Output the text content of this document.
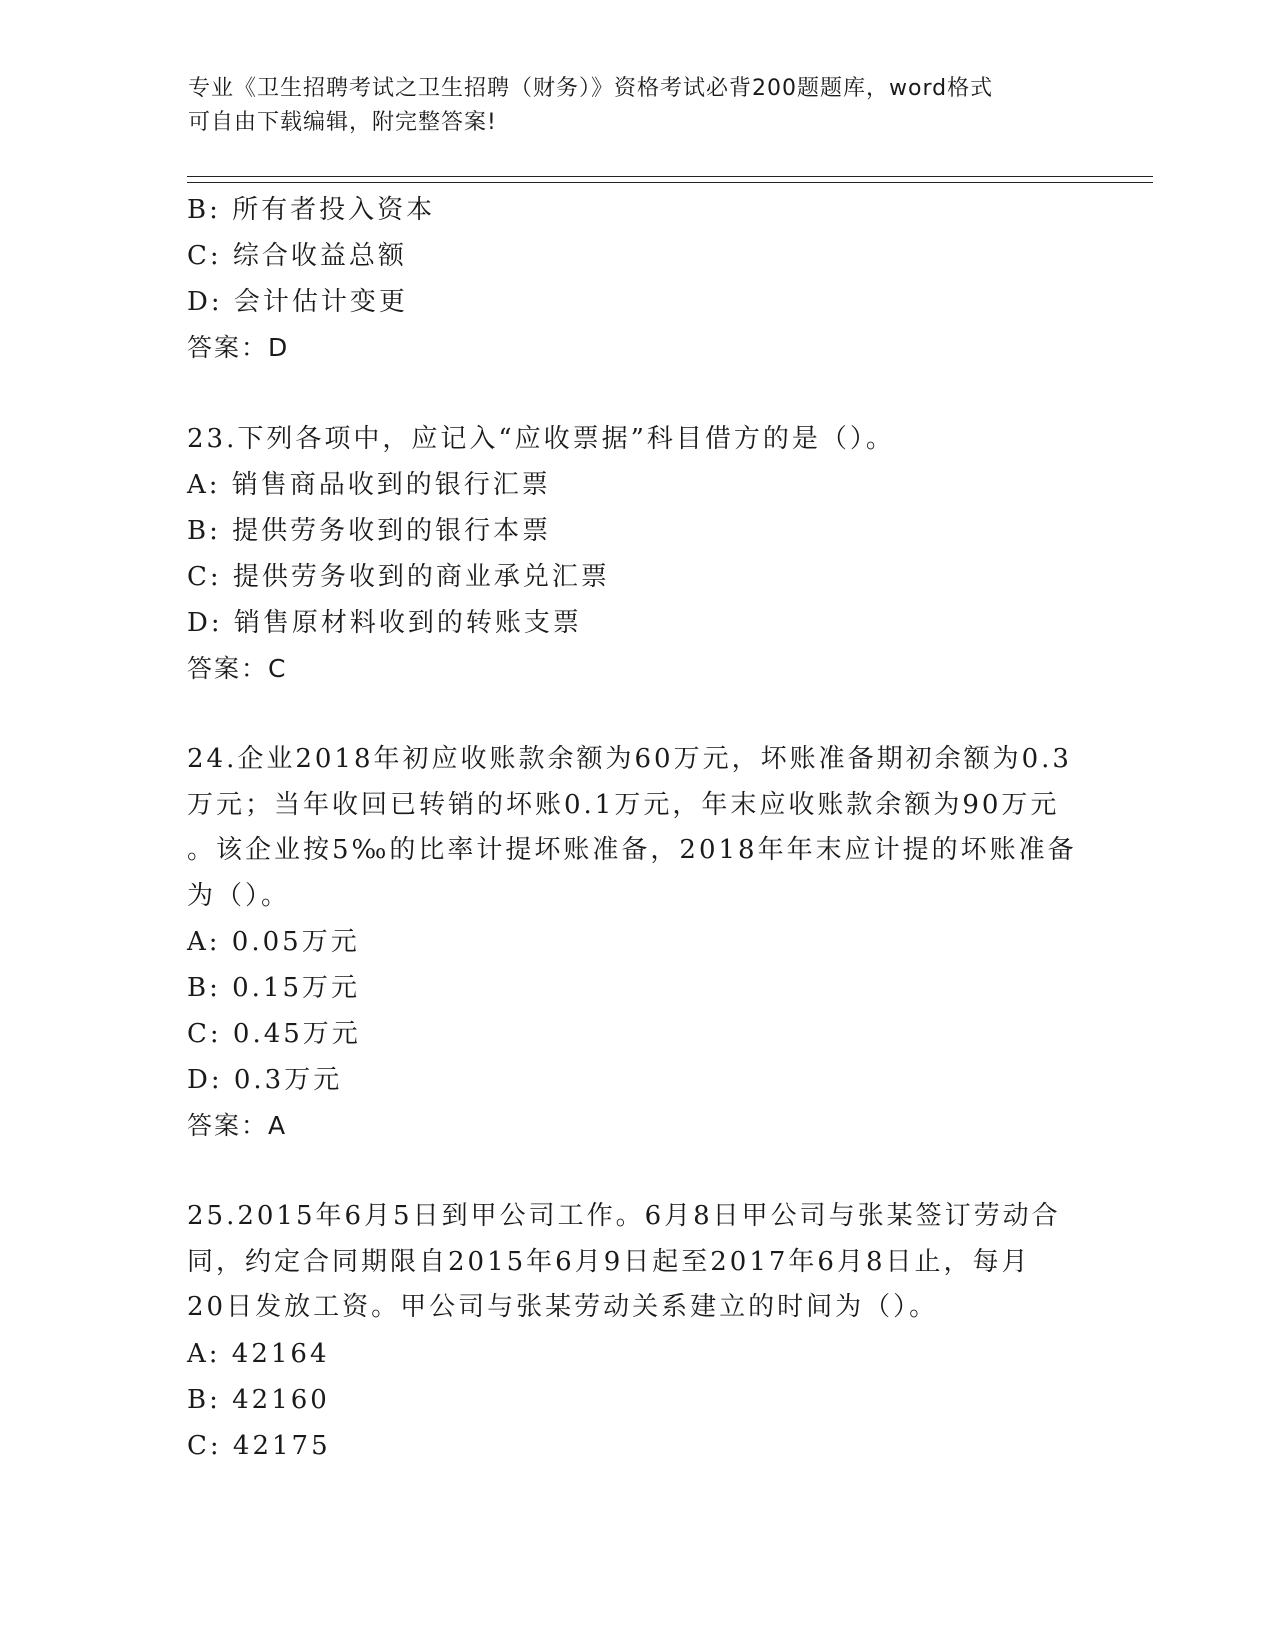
专业《卫生招聘考试之卫生招聘（财务）》资格考试必背200题题库，word格式
可自由下载编辑，附完整答案!
B: 所有者投入资本
C: 综合收益总额
D: 会计估计变更
答案：D
23.下列各项中，应记入“应收票据”科目借方的是（）。
A: 销售商品收到的银行汇票
B: 提供劳务收到的银行本票
C: 提供劳务收到的商业承兑汇票
D: 销售原材料收到的转账支票
答案：C
24.企业2018年初应收账款余额为60万元，坏账准备期初余额为0.3
万元；当年收回已转销的坏账0.1万元，年末应收账款余额为90万元
。该企业按5‰的比率计提坏账准备，2018年年末应计提的坏账准备
为（）。
A: 0.05万元
B: 0.15万元
C: 0.45万元
D: 0.3万元
答案：A
25.2015年6月5日到甲公司工作。6月8日甲公司与张某签订劳动合
同，约定合同期限自2015年6月9日起至2017年6月8日止，每月
20日发放工资。甲公司与张某劳动关系建立的时间为（）。
A: 42164
B: 42160
C: 42175
